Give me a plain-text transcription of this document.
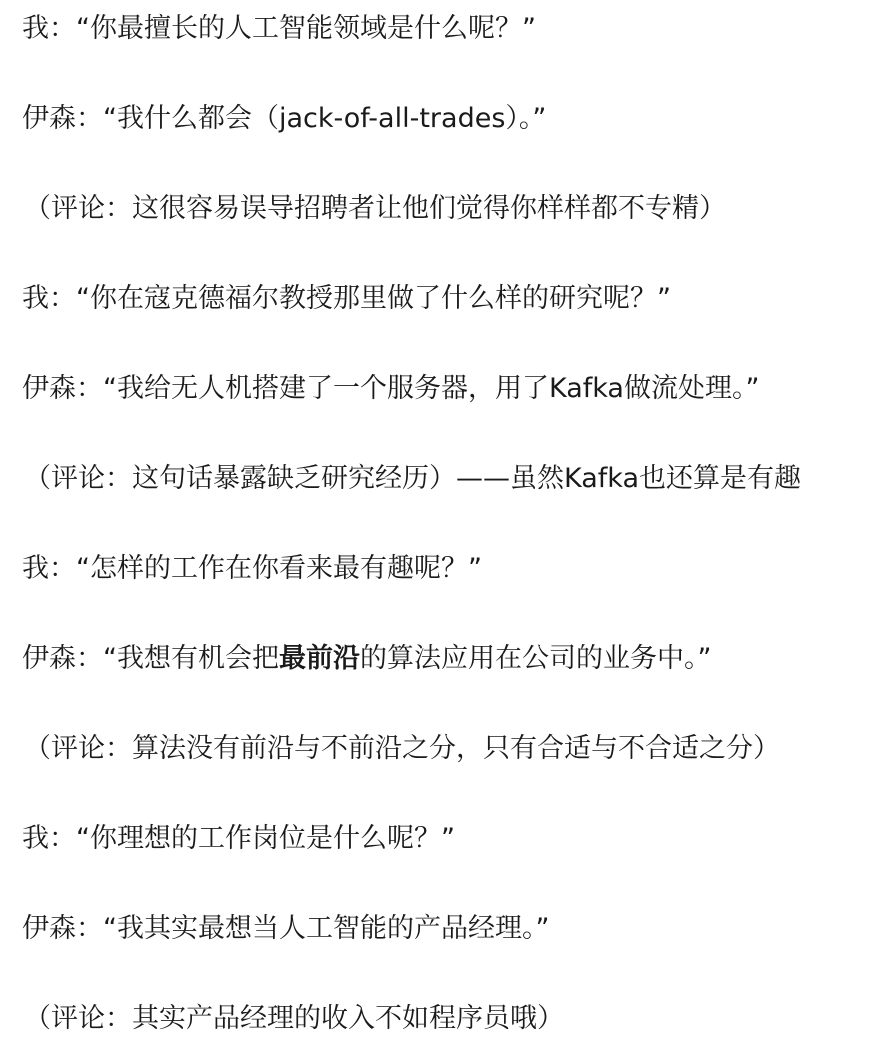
我：“你最擅长的人工智能领域是什么呢？”
伊森：“我什么都会（jack-of-all-trades）。”
（评论：这很容易误导招聘者让他们觉得你样样都不专精）
我：“你在寇克德福尔教授那里做了什么样的研究呢？”
伊森：“我给无人机搭建了一个服务器，用了Kafka做流处理。”
（评论：这句话暴露缺乏研究经历）——虽然Kafka也还算是有趣
我：“怎样的工作在你看来最有趣呢？”
伊森：“我想有机会把最前沿的算法应用在公司的业务中。”
（评论：算法没有前沿与不前沿之分，只有合适与不合适之分）
我：“你理想的工作岗位是什么呢？”
伊森：“我其实最想当人工智能的产品经理。”
（评论：其实产品经理的收入不如程序员哦）
